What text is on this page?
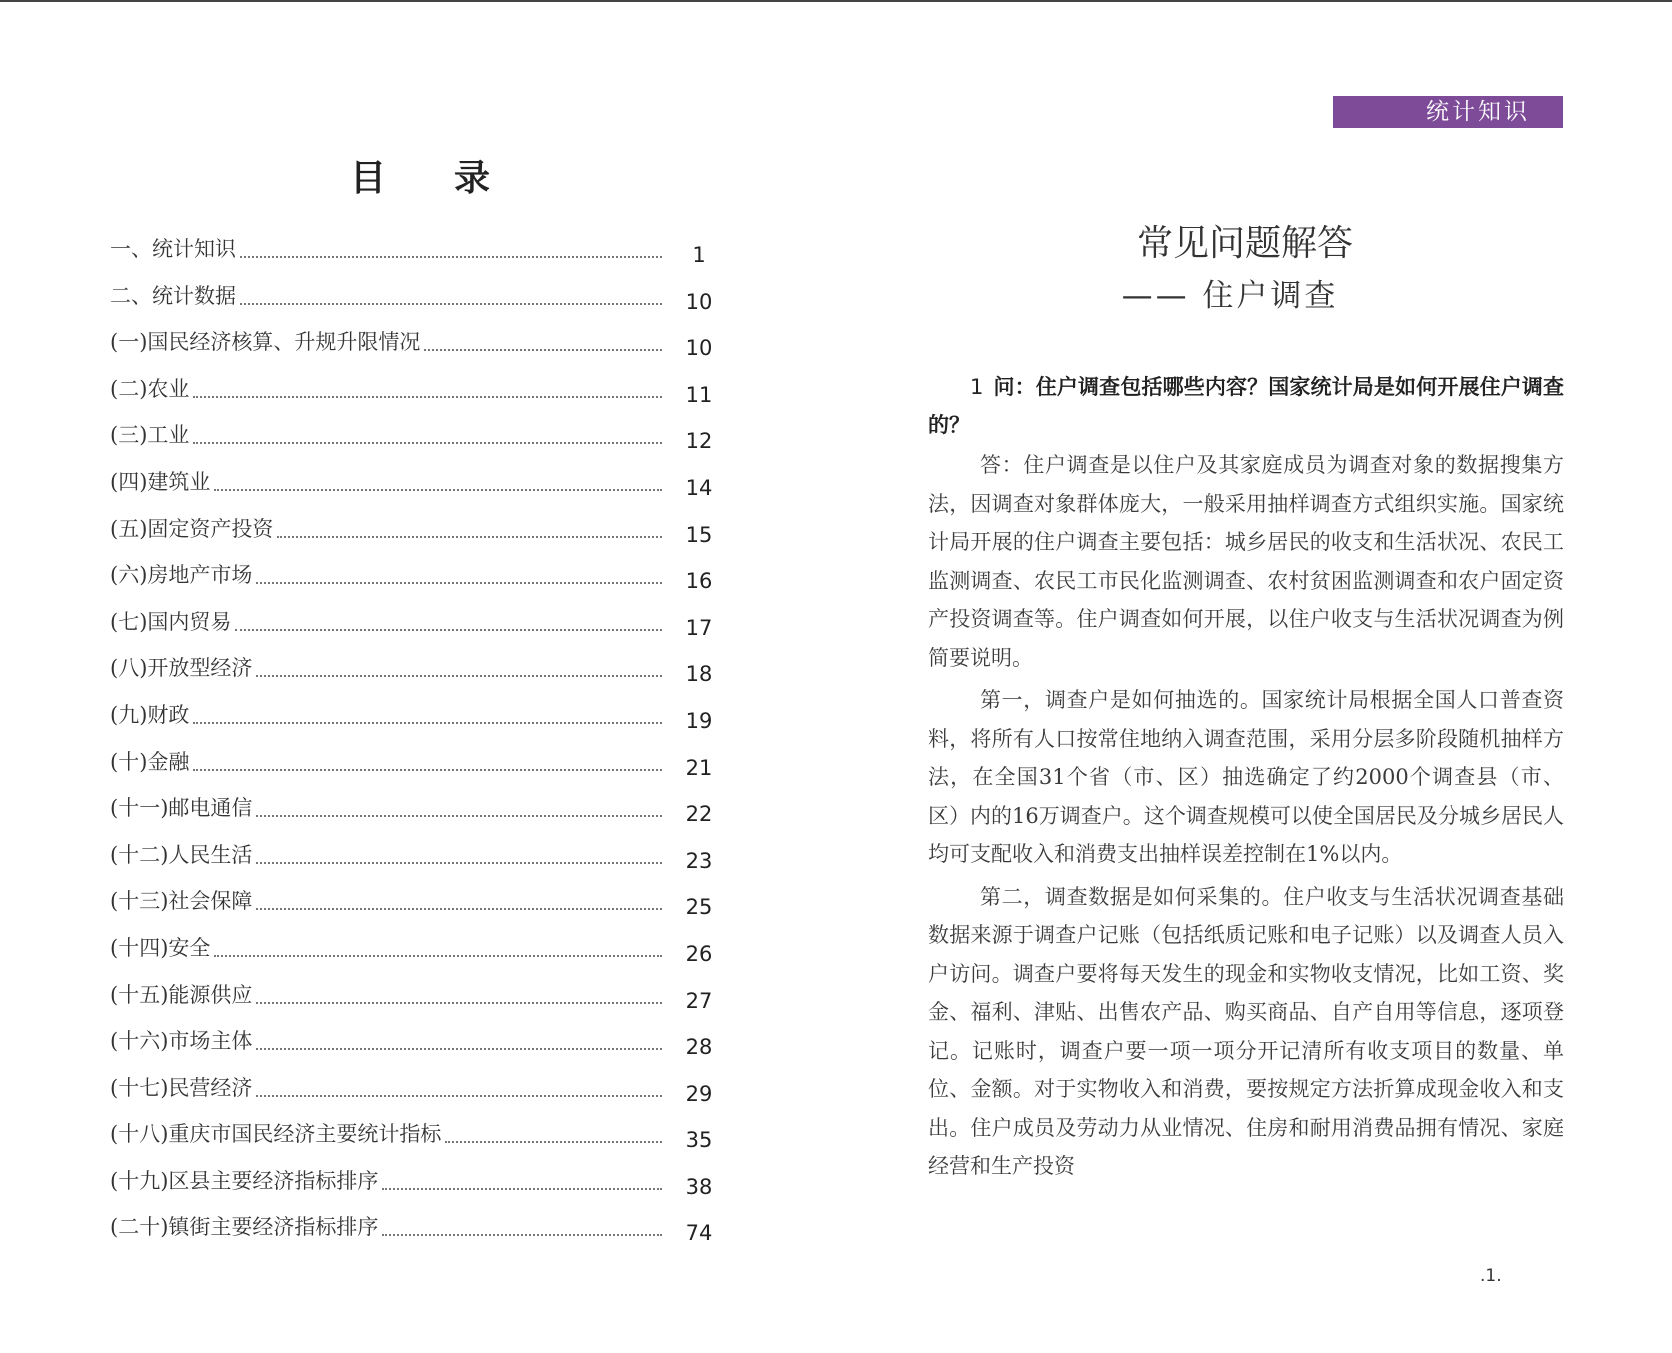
目 录
一、统计知识	1
二、统计数据	10
(一)国民经济核算、升规升限情况	10
(二)农业	11
(三)工业	12
(四)建筑业	14
(五)固定资产投资	15
(六)房地产市场	16
(七)国内贸易	17
(八)开放型经济	18
(九)财政	19
(十)金融	21
(十一)邮电通信	22
(十二)人民生活	23
(十三)社会保障	25
(十四)安全	26
(十五)能源供应	27
(十六)市场主体	28
(十七)民营经济	29
(十八)重庆市国民经济主要统计指标	35
(十九)区县主要经济指标排序	38
(二十)镇街主要经济指标排序	74
统计知识
常见问题解答
—— 住户调查

1 问：住户调查包括哪些内容？国家统计局是如何开展住户调查的？

答：住户调查是以住户及其家庭成员为调查对象的数据搜集方法，因调查对象群体庞大，一般采用抽样调查方式组织实施。国家统计局开展的住户调查主要包括：城乡居民的收支和生活状况、农民工监测调查、农民工市民化监测调查、农村贫困监测调查和农户固定资产投资调查等。住户调查如何开展，以住户收支与生活状况调查为例简要说明。

第一，调查户是如何抽选的。国家统计局根据全国人口普查资料，将所有人口按常住地纳入调查范围，采用分层多阶段随机抽样方法，在全国31个省（市、区）抽选确定了约2000个调查县（市、区）内的16万调查户。这个调查规模可以使全国居民及分城乡居民人均可支配收入和消费支出抽样误差控制在1%以内。

第二，调查数据是如何采集的。住户收支与生活状况调查基础数据来源于调查户记账（包括纸质记账和电子记账）以及调查人员入户访问。调查户要将每天发生的现金和实物收支情况，比如工资、奖金、福利、津贴、出售农产品、购买商品、自产自用等信息，逐项登记。记账时，调查户要一项一项分开记清所有收支项目的数量、单位、金额。对于实物收入和消费，要按规定方法折算成现金收入和支出。住户成员及劳动力从业情况、住房和耐用消费品拥有情况、家庭经营和生产投资

.1.
